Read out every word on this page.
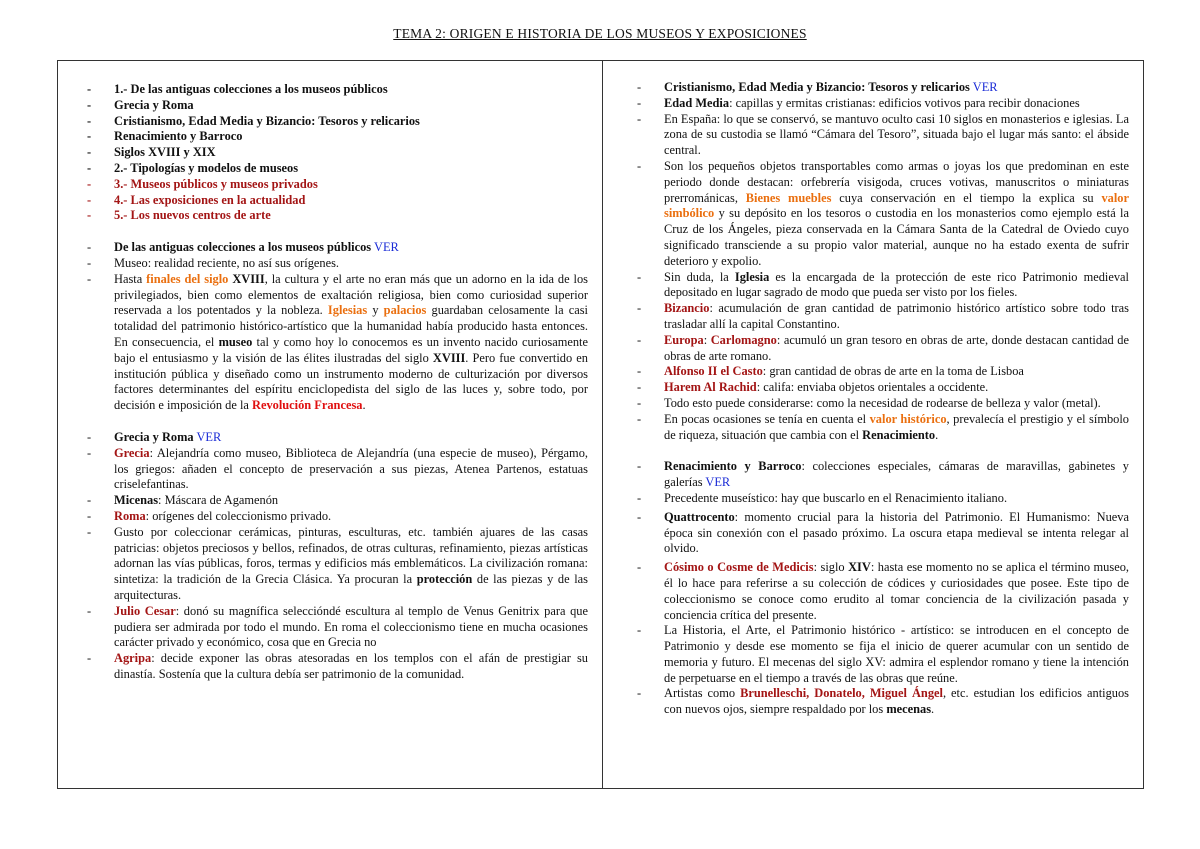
TEMA 2: ORIGEN E HISTORIA DE LOS MUSEOS Y EXPOSICIONES
- 1.- De las antiguas colecciones a los museos públicos
- Grecia y Roma
- Cristianismo, Edad Media y Bizancio: Tesoros y relicarios
- Renacimiento y Barroco
- Siglos XVIII y XIX
- 2.- Tipologías y modelos de museos
- 3.- Museos públicos y museos privados
- 4.- Las exposiciones en la actualidad
- 5.- Los nuevos centros de arte
- De las antiguas colecciones a los museos públicos VER
- Museo: realidad reciente, no así sus orígenes.
- Hasta finales del siglo XVIII, la cultura y el arte no eran más que un adorno en la ida de los privilegiados, bien como elementos de exaltación religiosa, bien como curiosidad superior reservada a los potentados y la nobleza. Iglesias y palacios guardaban celosamente la casi totalidad del patrimonio histórico-artístico que la humanidad había producido hasta entonces. En consecuencia, el museo tal y como hoy lo conocemos es un invento nacido curiosamente bajo el entusiasmo y la visión de las élites ilustradas del siglo XVIII. Pero fue convertido en institución pública y diseñado como un instrumento moderno de culturización por diversos factores determinantes del espíritu enciclopedista del siglo de las luces y, sobre todo, por decisión e imposición de la Revolución Francesa.
- Grecia y Roma VER
- Grecia: Alejandría como museo, Biblioteca de Alejandría (una especie de museo), Pérgamo, los griegos: añaden el concepto de preservación a sus piezas, Atenea Partenos, estatuas criselefantinas.
- Micenas: Máscara de Agamenón
- Roma: orígenes del coleccionismo privado.
- Gusto por coleccionar cerámicas, pinturas, esculturas, etc. también ajuares de las casas patricias: objetos preciosos y bellos, refinados, de otras culturas, refinamiento, piezas artísticas adornan las vías públicas, foros, termas y edificios más emblemáticos. La civilización romana: sintetiza: la tradición de la Grecia Clásica. Ya procuran la protección de las piezas y de las arquitecturas.
- Julio Cesar: donó su magnífica seleccióndé escultura al templo de Venus Genitrix para que pudiera ser admirada por todo el mundo. En roma el coleccionismo tiene en mucha ocasiones carácter privado y económico, cosa que en Grecia no
- Agripa: decide exponer las obras atesoradas en los templos con el afán de prestigiar su dinastía. Sostenía que la cultura debía ser patrimonio de la comunidad.
- Cristianismo, Edad Media y Bizancio: Tesoros y relicarios VER
- Edad Media: capillas y ermitas cristianas: edificios votivos para recibir donaciones
- En España: lo que se conservó, se mantuvo oculto casi 10 siglos en monasterios e iglesias. La zona de su custodia se llamó “Cámara del Tesoro”, situada bajo el lugar más santo: el ábside central.
- Son los pequeños objetos transportables como armas o joyas los que predominan en este periodo donde destacan: orfebrería visigoda, cruces votivas, manuscritos o miniaturas prerrománicas, Bienes muebles cuya conservación en el tiempo la explica su valor simbólico y su depósito en los tesoros o custodia en los monasterios como ejemplo está la Cruz de los Ángeles, pieza conservada en la Cámara Santa de la Catedral de Oviedo cuyo significado transciende a su propio valor material, aunque no ha estado exenta de sufrir deterioro y expolio.
- Sin duda, la Iglesia es la encargada de la protección de este rico Patrimonio medieval depositado en lugar sagrado de modo que pueda ser visto por los fieles.
- Bizancio: acumulación de gran cantidad de patrimonio histórico artístico sobre todo tras trasladar allí la capital Constantino.
- Europa: Carlomagno: acumuló un gran tesoro en obras de arte, donde destacan cantidad de obras de arte romano.
- Alfonso II el Casto: gran cantidad de obras de arte en la toma de Lisboa
- Harem Al Rachid: califa: enviaba objetos orientales a occidente.
- Todo esto puede considerarse: como la necesidad de rodearse de belleza y valor (metal).
- En pocas ocasiones se tenía en cuenta el valor histórico, prevalecía el prestigio y el símbolo de riqueza, situación que cambia con el Renacimiento.
- Renacimiento y Barroco: colecciones especiales, cámaras de maravillas, gabinetes y galerías VER
- Precedente museístico: hay que buscarlo en el Renacimiento italiano.
- Quattrocento: momento crucial para la historia del Patrimonio. El Humanismo: Nueva época sin conexión con el pasado próximo. La oscura etapa medieval se intenta relegar al olvido.
- Cósimo o Cosme de Medicis: siglo XIV: hasta ese momento no se aplica el término museo, él lo hace para referirse a su colección de códices y curiosidades que posee. Este tipo de coleccionismo se conoce como erudito al tomar conciencia de la civilización pasada y conciencia crítica del presente.
- La Historia, el Arte, el Patrimonio histórico - artístico: se introducen en el concepto de Patrimonio y desde ese momento se fija el inicio de querer acumular con un sentido de memoria y futuro. El mecenas del siglo XV: admira el esplendor romano y tiene la intención de perpetuarse en el tiempo a través de las obras que reúne.
- Artistas como Brunelleschi, Donatelo, Miguel Ángel, etc. estudian los edificios antiguos con nuevos ojos, siempre respaldado por los mecenas.
